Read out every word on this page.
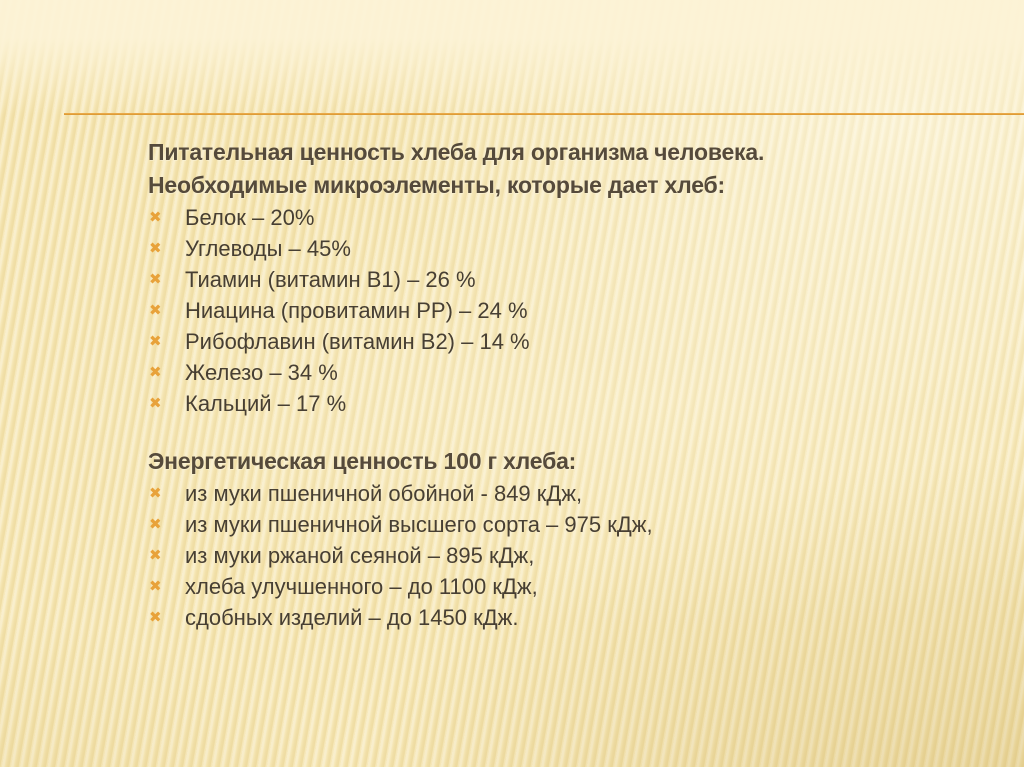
Питательная ценность хлеба для организма человека.

Необходимые микроэлементы, которые дает хлеб:

✖ Белок – 20%
✖ Углеводы – 45%
✖ Тиамин (витамин В1) – 26 %
✖ Ниацина (провитамин РР) – 24 %
✖ Рибофлавин (витамин В2) – 14 %
✖ Железо – 34 %
✖ Кальций – 17 %

Энергетическая ценность 100 г хлеба:

✖ из муки пшеничной обойной - 849 кДж,
✖ из муки пшеничной высшего сорта – 975 кДж,
✖ из муки ржаной сеяной – 895 кДж,
✖ хлеба улучшенного – до 1100 кДж,
✖ сдобных изделий – до 1450 кДж.
